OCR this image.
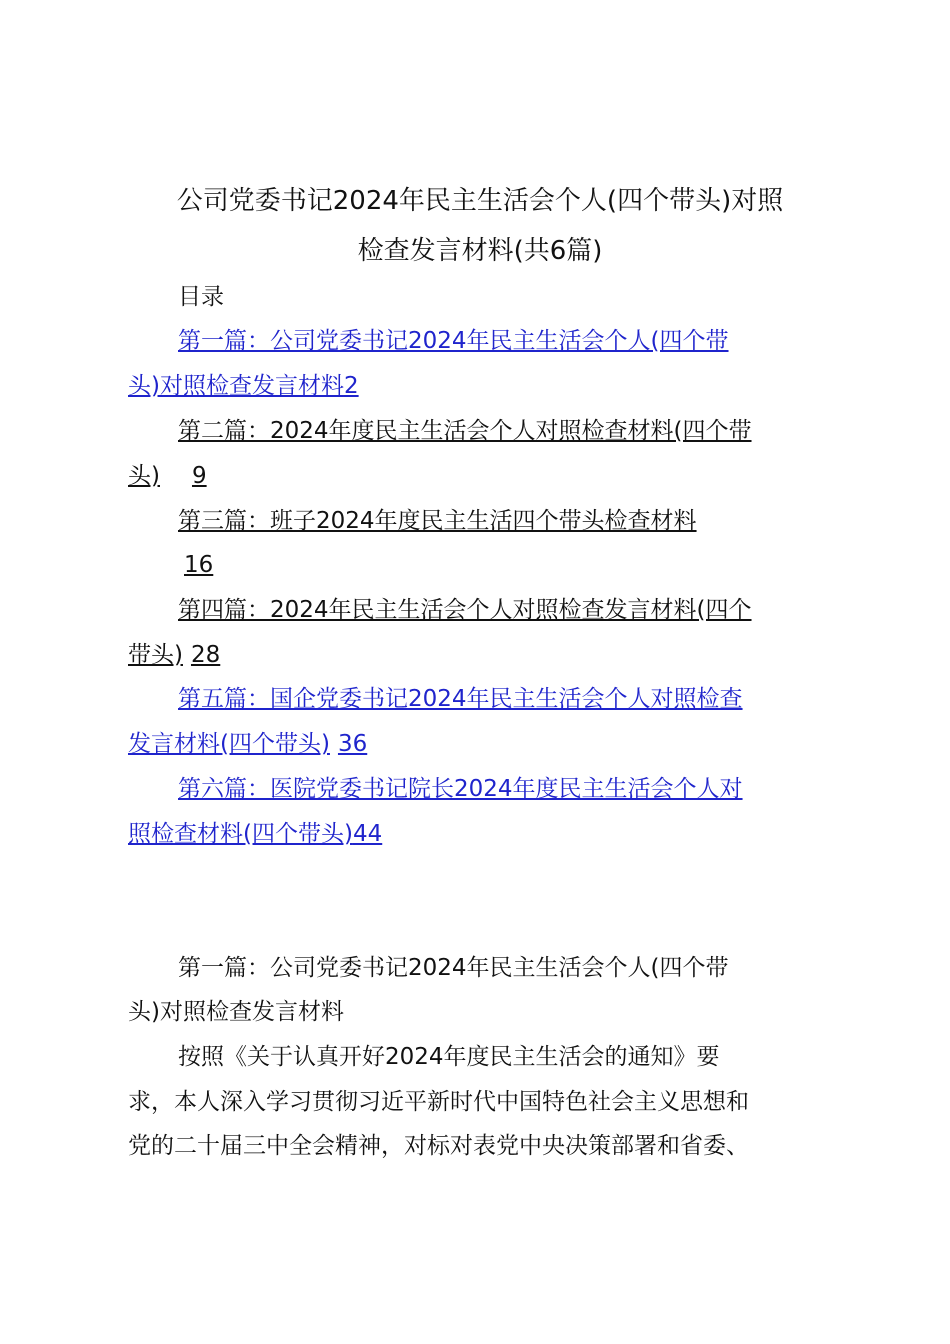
公司党委书记2024年民主生活会个人(四个带头)对照
检查发言材料(共6篇)
目录
第一篇：公司党委书记2024年民主生活会个人(四个带
头)对照检查发言材料2
第二篇：2024年度民主生活会个人对照检查材料(四个带
头) 9
第三篇：班子2024年度民主生活四个带头检查材料
16
第四篇：2024年民主生活会个人对照检查发言材料(四个
带头) 28
第五篇：国企党委书记2024年民主生活会个人对照检查
发言材料(四个带头) 36
第六篇：医院党委书记院长2024年度民主生活会个人对
照检查材料(四个带头)44
第一篇：公司党委书记2024年民主生活会个人(四个带
头)对照检查发言材料
按照《关于认真开好2024年度民主生活会的通知》要
求，本人深入学习贯彻习近平新时代中国特色社会主义思想和
党的二十届三中全会精神，对标对表党中央决策部署和省委、
